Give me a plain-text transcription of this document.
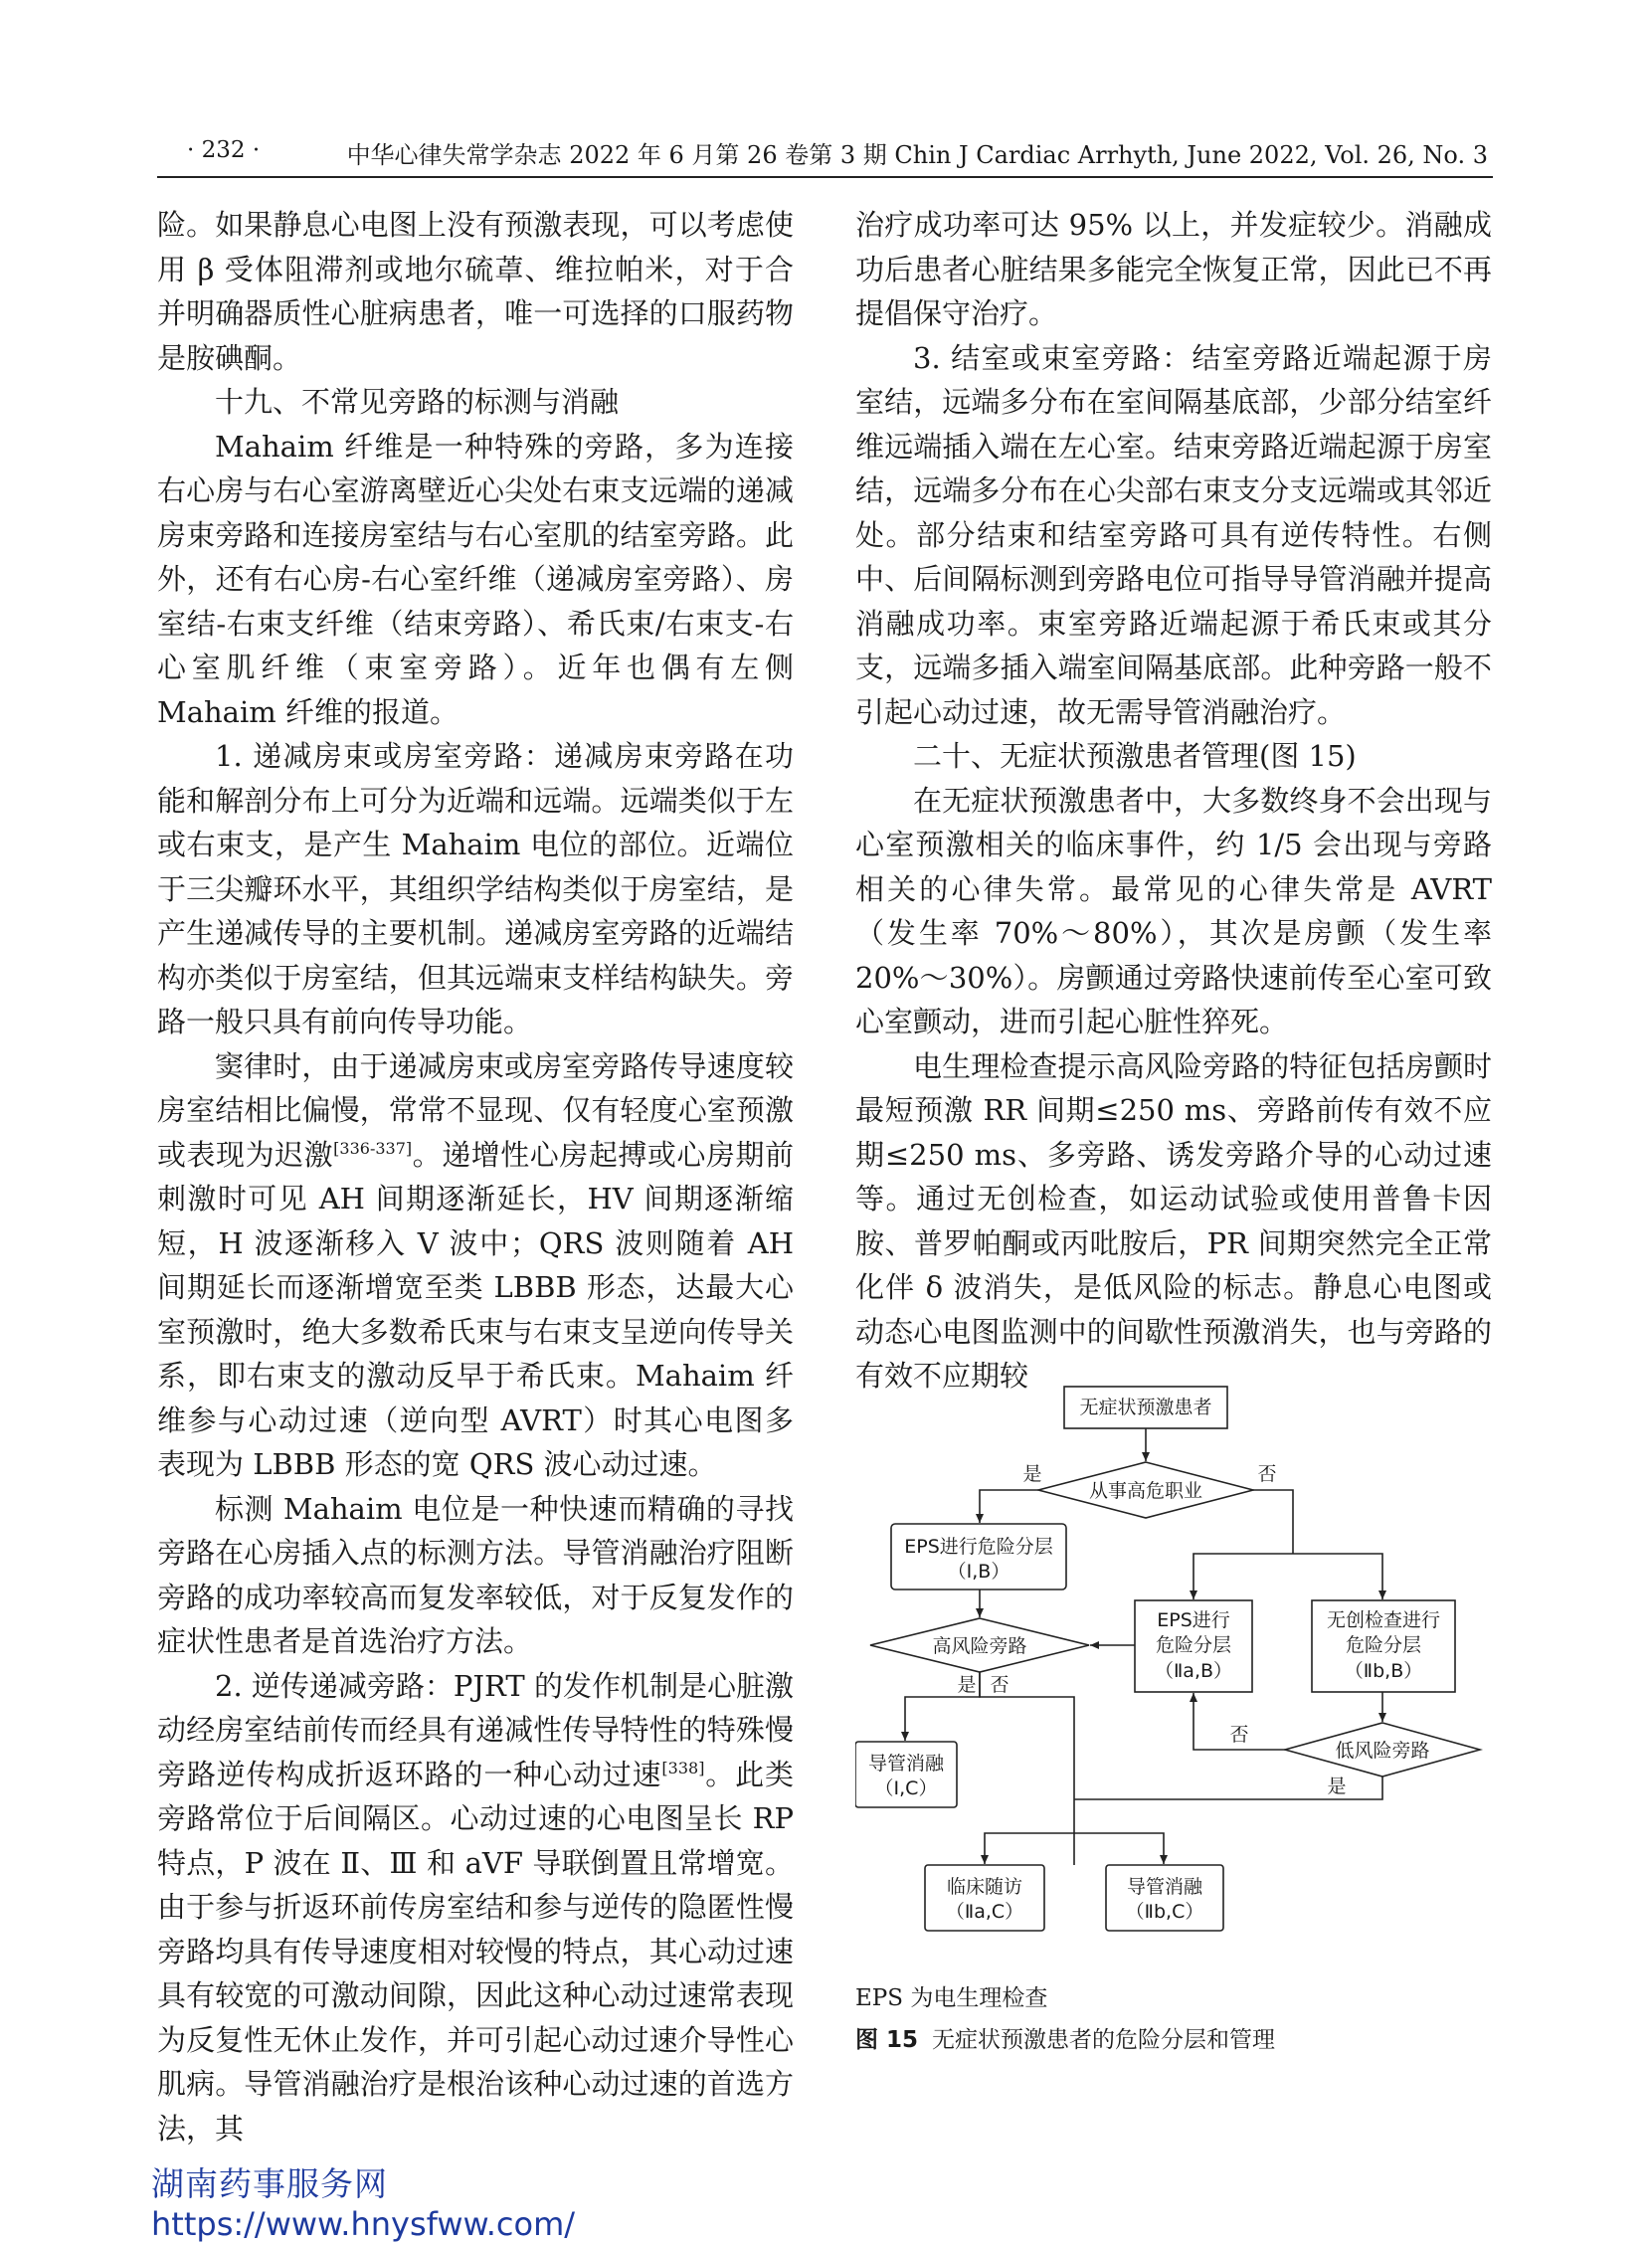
· 232 ·	中华心律失常学杂志 2022 年 6 月第 26 卷第 3 期 Chin J Cardiac Arrhyth, June 2022, Vol. 26, No. 3

险。如果静息心电图上没有预激表现，可以考虑使用 β 受体阻滞剂或地尔硫䓬、维拉帕米，对于合并明确器质性心脏病患者，唯一可选择的口服药物是胺碘酮。

十九、不常见旁路的标测与消融

Mahaim 纤维是一种特殊的旁路，多为连接右心房与右心室游离壁近心尖处右束支远端的递减房束旁路和连接房室结与右心室肌的结室旁路。此外，还有右心房-右心室纤维（递减房室旁路）、房室结-右束支纤维（结束旁路）、希氏束/右束支-右心室肌纤维（束室旁路）。近年也偶有左侧 Mahaim 纤维的报道。

1. 递减房束或房室旁路：递减房束旁路在功能和解剖分布上可分为近端和远端。远端类似于左或右束支，是产生 Mahaim 电位的部位。近端位于三尖瓣环水平，其组织学结构类似于房室结，是产生递减传导的主要机制。递减房室旁路的近端结构亦类似于房室结，但其远端束支样结构缺失。旁路一般只具有前向传导功能。

窦律时，由于递减房束或房室旁路传导速度较房室结相比偏慢，常常不显现、仅有轻度心室预激或表现为迟激[336-337]。递增性心房起搏或心房期前刺激时可见 AH 间期逐渐延长，HV 间期逐渐缩短，H 波逐渐移入 V 波中；QRS 波则随着 AH 间期延长而逐渐增宽至类 LBBB 形态，达最大心室预激时，绝大多数希氏束与右束支呈逆向传导关系，即右束支的激动反早于希氏束。Mahaim 纤维参与心动过速（逆向型 AVRT）时其心电图多表现为 LBBB 形态的宽 QRS 波心动过速。

标测 Mahaim 电位是一种快速而精确的寻找旁路在心房插入点的标测方法。导管消融治疗阻断旁路的成功率较高而复发率较低，对于反复发作的症状性患者是首选治疗方法。

2. 逆传递减旁路：PJRT 的发作机制是心脏激动经房室结前传而经具有递减性传导特性的特殊慢旁路逆传构成折返环路的一种心动过速[338]。此类旁路常位于后间隔区。心动过速的心电图呈长 RP 特点，P 波在 Ⅱ、Ⅲ 和 aVF 导联倒置且常增宽。由于参与折返环前传房室结和参与逆传的隐匿性慢旁路均具有传导速度相对较慢的特点，其心动过速具有较宽的可激动间隙，因此这种心动过速常表现为反复性无休止发作，并可引起心动过速介导性心肌病。导管消融治疗是根治该种心动过速的首选方法，其

治疗成功率可达 95% 以上，并发症较少。消融成功后患者心脏结果多能完全恢复正常，因此已不再提倡保守治疗。

3. 结室或束室旁路：结室旁路近端起源于房室结，远端多分布在室间隔基底部，少部分结室纤维远端插入端在左心室。结束旁路近端起源于房室结，远端多分布在心尖部右束支分支远端或其邻近处。部分结束和结室旁路可具有逆传特性。右侧中、后间隔标测到旁路电位可指导导管消融并提高消融成功率。束室旁路近端起源于希氏束或其分支，远端多插入端室间隔基底部。此种旁路一般不引起心动过速，故无需导管消融治疗。

二十、无症状预激患者管理(图 15)

在无症状预激患者中，大多数终身不会出现与心室预激相关的临床事件，约 1/5 会出现与旁路相关的心律失常。最常见的心律失常是 AVRT（发生率 70%～80%），其次是房颤（发生率 20%～30%）。房颤通过旁路快速前传至心室可致心室颤动，进而引起心脏性猝死。

电生理检查提示高风险旁路的特征包括房颤时最短预激 RR 间期≤250 ms、旁路前传有效不应期≤250 ms、多旁路、诱发旁路介导的心动过速等。通过无创检查，如运动试验或使用普鲁卡因胺、普罗帕酮或丙吡胺后，PR 间期突然完全正常化伴 δ 波消失，是低风险的标志。静息心电图或动态心电图监测中的间歇性预激消失，也与旁路的有效不应期较

无症状预激患者
从事高危职业
是	否
EPS进行危险分层
（Ⅰ,B）
高风险旁路
EPS进行
危险分层
（Ⅱa,B）
无创检查进行
危险分层
（Ⅱb,B）
低风险旁路
否
是
是 否
导管消融
（Ⅰ,C）
临床随访
（Ⅱa,C）
导管消融
（Ⅱb,C）
EPS 为电生理检查
图 15 无症状预激患者的危险分层和管理
湖南药事服务网
https://www.hnysfww.com/
